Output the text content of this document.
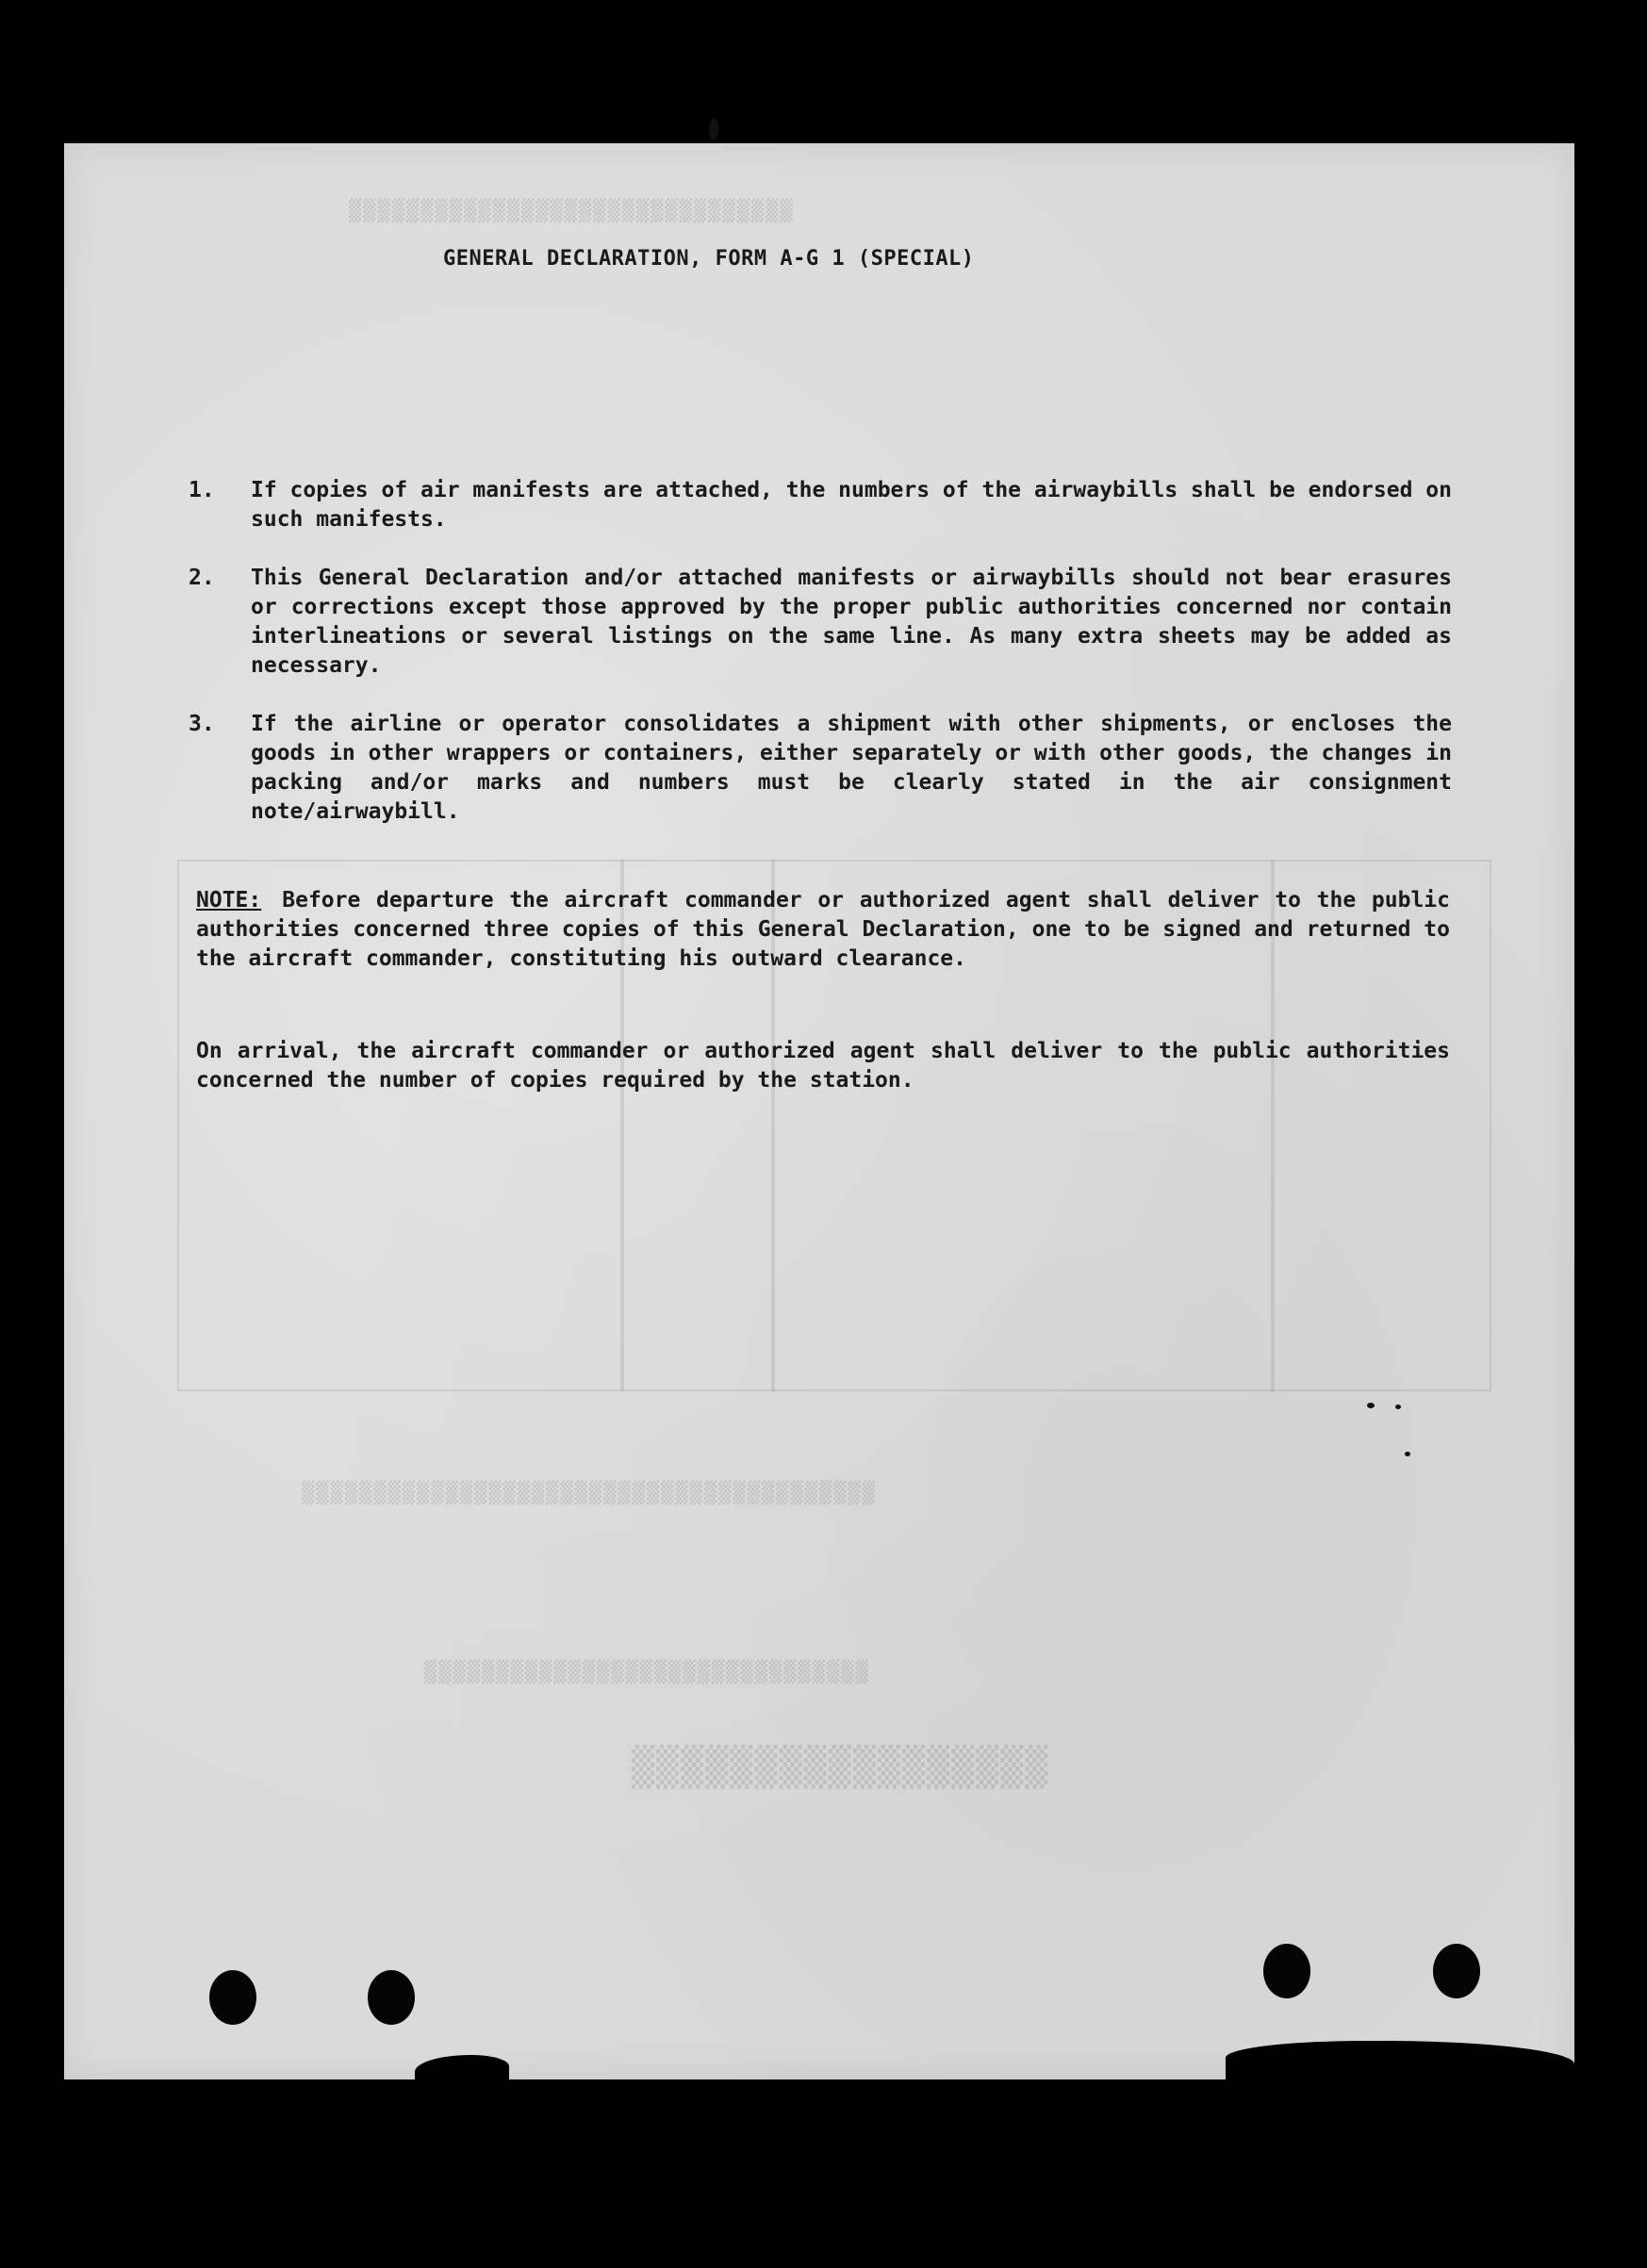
▒▒▒▒▒▒▒▒▒▒▒▒▒▒▒▒▒▒▒▒▒▒▒▒▒▒▒▒▒▒▒
▒▒▒▒▒▒▒▒▒▒▒▒▒▒▒▒▒▒▒▒▒▒▒▒▒▒▒▒▒▒▒▒▒▒▒▒▒▒▒▒
▒▒▒▒▒▒▒▒▒▒▒▒▒▒▒▒▒▒▒▒▒▒▒▒▒▒▒▒▒▒▒
▒▒▒▒▒▒▒▒▒▒▒▒▒▒▒▒▒
GENERAL DECLARATION, FORM A-G 1 (SPECIAL)
1. If copies of air manifests are attached, the numbers of the airwaybills shall be endorsed on such manifests.
2. This General Declaration and/or attached manifests or airwaybills should not bear erasures or corrections except those approved by the proper public authorities concerned nor contain interlineations or several listings on the same line. As many extra sheets may be added as necessary.
3. If the airline or operator consolidates a shipment with other shipments, or encloses the goods in other wrappers or containers, either separately or with other goods, the changes in packing and/or marks and numbers must be clearly stated in the air consignment note/airwaybill.
NOTE: Before departure the aircraft commander or authorized agent shall deliver to the public authorities concerned three copies of this General Declaration, one to be signed and returned to the aircraft commander, constituting his outward clearance.
On arrival, the aircraft commander or authorized agent shall deliver to the public authorities concerned the number of copies required by the station.
